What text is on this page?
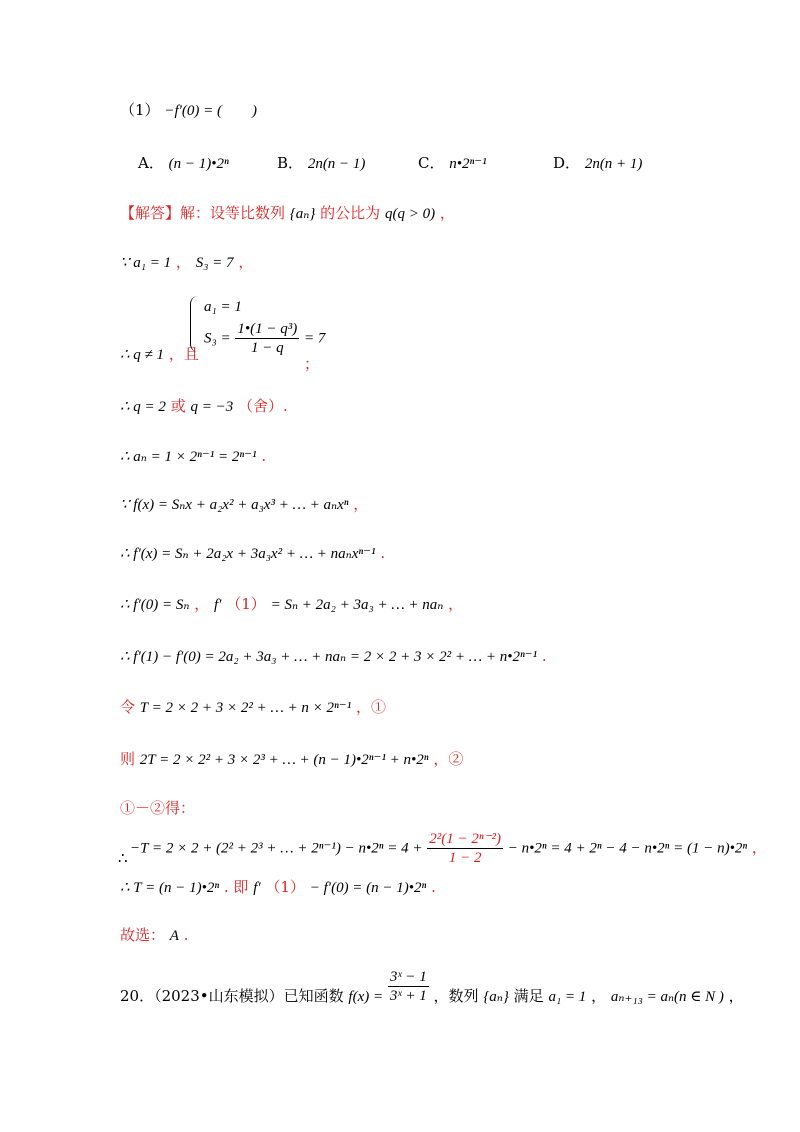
（1） −f′(0) = (　　)
A． (n − 1)•2ⁿ	B． 2n(n − 1)	C． n•2ⁿ⁻¹	D． 2n(n + 1)
【解答】解：设等比数列 {aₙ} 的公比为 q(q > 0) ，
∵ a₁ = 1 ， S₃ = 7 ，
∴ q ≠ 1 ，且
a₁ = 1
$S_3 = \frac{\text{1•(1 − q³)}}{1 - q} = 7$
；
∴ q = 2 或 q = −3 （舍）.
∴ aₙ = 1 × 2ⁿ⁻¹ = 2ⁿ⁻¹ .
∵ f(x) = Sₙx + a₂x² + a₃x³ + … + aₙxⁿ ，
∴ f′(x) = Sₙ + 2a₂x + 3a₃x² + … + naₙxⁿ⁻¹ .
∴ f′(0) = Sₙ ， f′ （1） = Sₙ + 2a₂ + 3a₃ + … + naₙ ，
∴ f′(1) − f′(0) = 2a₂ + 3a₃ + … + naₙ = 2 × 2 + 3 × 2² + … + n•2ⁿ⁻¹ .
令 T = 2 × 2 + 3 × 2² + … + n × 2ⁿ⁻¹ ，①
则 2T = 2 × 2² + 3 × 2³ + … + (n − 1)•2ⁿ⁻¹ + n•2ⁿ ，②
①－②得：
−T = 2 × 2 + (2² + 2³ + … + 2ⁿ⁻¹) − n•2ⁿ = $4 + \frac{\text{2²(1 − 2ⁿ⁻²)}}{1 - 2}$ − n•2ⁿ = 4 + 2ⁿ − 4 − n•2ⁿ = (1 − n)•2ⁿ ，
∴
∴ T = (n − 1)•2ⁿ . 即 f′ （1） − f′(0) = (n − 1)•2ⁿ .
故选： A .
20．（2023•山东模拟）已知函数 $f(x) = \frac{\text{3ˣ − 1}}{\text{3ˣ + 1}}$ ，数列 {aₙ} 满足 a₁ = 1 ， aₙ₊₁₃ = aₙ(n ∈ N ) ，
